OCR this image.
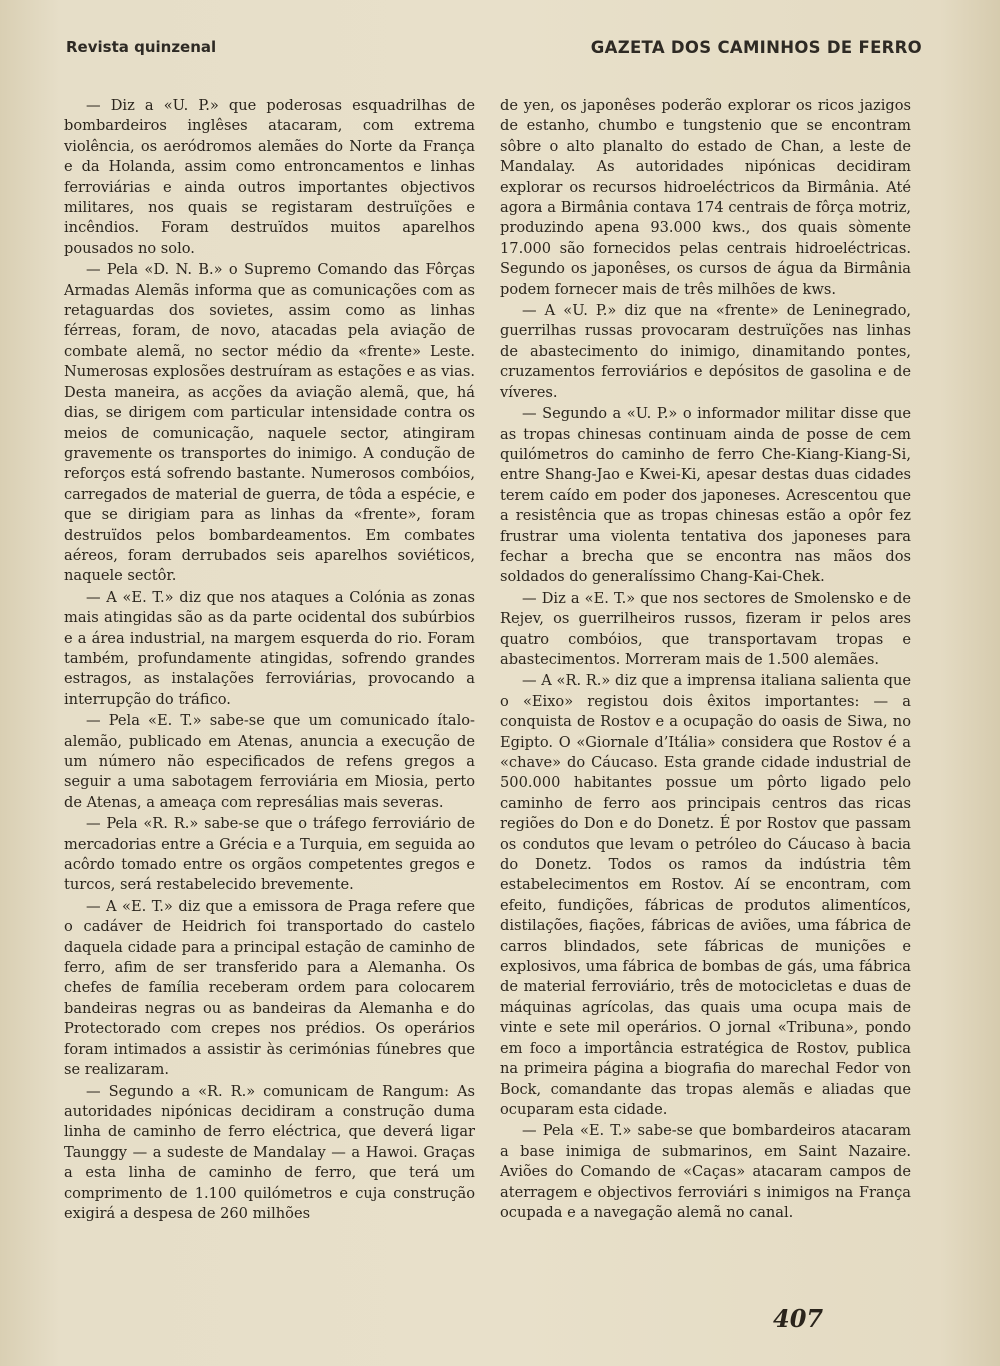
Revista quinzenal	GAZETA DOS CAMINHOS DE FERRO

— Diz a «U. P.» que poderosas esquadrilhas de bombardeiros inglêses atacaram, com extrema violência, os aeródromos alemães do Norte da França e da Holanda, assim como entroncamentos e linhas ferroviárias e ainda outros importantes objectivos militares, nos quais se registaram destruïções e incêndios. Foram destruïdos muitos aparelhos pousados no solo.

— Pela «D. N. B.» o Supremo Comando das Fôrças Armadas Alemãs informa que as comunicações com as retaguardas dos sovietes, assim como as linhas férreas, foram, de novo, atacadas pela aviação de combate alemã, no sector médio da «frente» Leste. Numerosas explosões destruíram as estações e as vias. Desta maneira, as acções da aviação alemã, que, há dias, se dirigem com particular intensidade contra os meios de comunicação, naquele sector, atingiram gravemente os transportes do inimigo. A condução de reforços está sofrendo bastante. Numerosos combóios, carregados de material de guerra, de tôda a espécie, e que se dirigiam para as linhas da «frente», foram destruïdos pelos bombardeamentos. Em combates aéreos, foram derrubados seis aparelhos soviéticos, naquele sectôr.

— A «E. T.» diz que nos ataques a Colónia as zonas mais atingidas são as da parte ocidental dos subúrbios e a área industrial, na margem esquerda do rio. Foram também, profundamente atingidas, sofrendo grandes estragos, as instalações ferroviárias, provocando a interrupção do tráfico.

— Pela «E. T.» sabe-se que um comunicado ítalo-alemão, publicado em Atenas, anuncia a execução de um número não especificados de refens gregos a seguir a uma sabotagem ferroviária em Miosia, perto de Atenas, a ameaça com represálias mais severas.

— Pela «R. R.» sabe-se que o tráfego ferroviário de mercadorias entre a Grécia e a Turquia, em seguida ao acôrdo tomado entre os orgãos competentes gregos e turcos, será restabelecido brevemente.

— A «E. T.» diz que a emissora de Praga refere que o cadáver de Heidrich foi transportado do castelo daquela cidade para a principal estação de caminho de ferro, afim de ser transferido para a Alemanha. Os chefes de família receberam ordem para colocarem bandeiras negras ou as bandeiras da Alemanha e do Protectorado com crepes nos prédios. Os operários foram intimados a assistir às cerimónias fúnebres que se realizaram.

— Segundo a «R. R.» comunicam de Rangum: As autoridades nipónicas decidiram a construção duma linha de caminho de ferro eléctrica, que deverá ligar Taunggy — a sudeste de Mandalay — a Hawoi. Graças a esta linha de caminho de ferro, que terá um comprimento de 1.100 quilómetros e cuja construção exigirá a despesa de 260 milhões

de yen, os japonêses poderão explorar os ricos jazigos de estanho, chumbo e tungstenio que se encontram sôbre o alto planalto do estado de Chan, a leste de Mandalay. As autoridades nipónicas decidiram explorar os recursos hidroeléctricos da Birmânia. Até agora a Birmânia contava 174 centrais de fôrça motriz, produzindo apena 93.000 kws., dos quais sòmente 17.000 são fornecidos pelas centrais hidroeléctricas. Segundo os japonêses, os cursos de água da Birmânia podem fornecer mais de três milhões de kws.

— A «U. P.» diz que na «frente» de Leninegrado, guerrilhas russas provocaram destruïções nas linhas de abastecimento do inimigo, dinamitando pontes, cruzamentos ferroviários e depósitos de gasolina e de víveres.

— Segundo a «U. P.» o informador militar disse que as tropas chinesas continuam ainda de posse de cem quilómetros do caminho de ferro Che-Kiang-Kiang-Si, entre Shang-Jao e Kwei-Ki, apesar destas duas cidades terem caído em poder dos japoneses. Acrescentou que a resistência que as tropas chinesas estão a opôr fez frustrar uma violenta tentativa dos japoneses para fechar a brecha que se encontra nas mãos dos soldados do generalíssimo Chang-Kai-Chek.

— Diz a «E. T.» que nos sectores de Smolensko e de Rejev, os guerrilheiros russos, fizeram ir pelos ares quatro combóios, que transportavam tropas e abastecimentos. Morreram mais de 1.500 alemães.

— A «R. R.» diz que a imprensa italiana salienta que o «Eixo» registou dois êxitos importantes: — a conquista de Rostov e a ocupação do oasis de Siwa, no Egipto. O «Giornale d’Itália» considera que Rostov é a «chave» do Cáucaso. Esta grande cidade industrial de 500.000 habitantes possue um pôrto ligado pelo caminho de ferro aos principais centros das ricas regiões do Don e do Donetz. É por Rostov que passam os condutos que levam o petróleo do Cáucaso à bacia do Donetz. Todos os ramos da indústria têm estabelecimentos em Rostov. Aí se encontram, com efeito, fundições, fábricas de produtos alimentícos, distilações, fiações, fábricas de aviões, uma fábrica de carros blindados, sete fábricas de munições e explosivos, uma fábrica de bombas de gás, uma fábrica de material ferroviário, três de motocicletas e duas de máquinas agrícolas, das quais uma ocupa mais de vinte e sete mil operários. O jornal «Tribuna», pondo em foco a importância estratégica de Rostov, publica na primeira página a biografia do marechal Fedor von Bock, comandante das tropas alemãs e aliadas que ocuparam esta cidade.

— Pela «E. T.» sabe-se que bombardeiros atacaram a base inimiga de submarinos, em Saint Nazaire. Aviões do Comando de «Caças» atacaram campos de aterragem e objectivos ferroviári s inimigos na França ocupada e a navegação alemã no canal.

407
